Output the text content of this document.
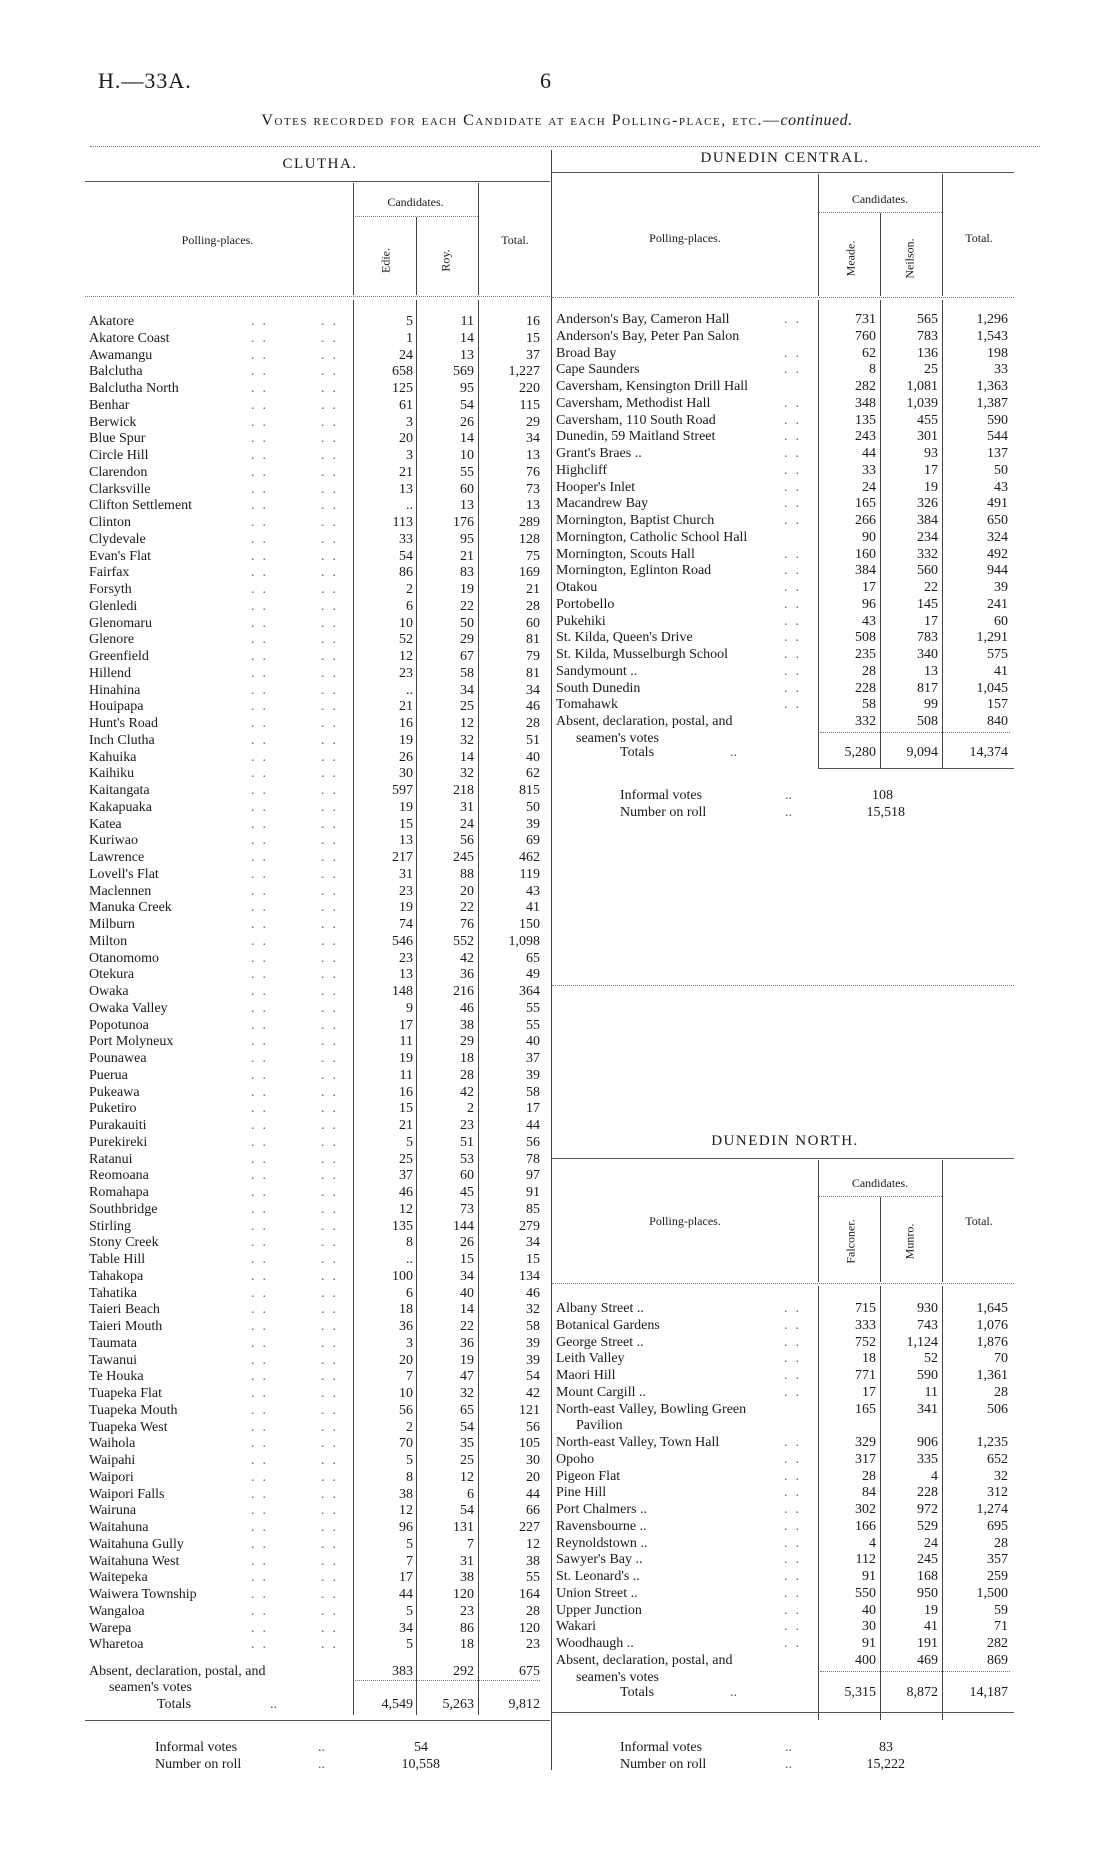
H.—33A.	6
Votes recorded for each Candidate at each Polling-place, etc.—continued.
CLUTHA.
Polling-places.
Candidates.
Edie.	Roy.
Total.
Akatore	..	..	5	11	16
Akatore Coast	..	..	1	14	15
Awamangu	..	..	24	13	37
Balclutha	..	..	658	569	1,227
Balclutha North	..	..	125	95	220
Benhar	..	..	61	54	115
Berwick	..	..	3	26	29
Blue Spur	..	..	20	14	34
Circle Hill	..	..	3	10	13
Clarendon	..	..	21	55	76
Clarksville	..	..	13	60	73
Clifton Settlement	..	..	..	13	13
Clinton	..	..	113	176	289
Clydevale	..	..	33	95	128
Evan's Flat	..	..	54	21	75
Fairfax	..	..	86	83	169
Forsyth	..	..	2	19	21
Glenledi	..	..	6	22	28
Glenomaru	..	..	10	50	60
Glenore	..	..	52	29	81
Greenfield	..	..	12	67	79
Hillend	..	..	23	58	81
Hinahina	..	..	..	34	34
Houipapa	..	..	21	25	46
Hunt's Road	..	..	16	12	28
Inch Clutha	..	..	19	32	51
Kahuika	..	..	26	14	40
Kaihiku	..	..	30	32	62
Kaitangata	..	..	597	218	815
Kakapuaka	..	..	19	31	50
Katea	..	..	15	24	39
Kuriwao	..	..	13	56	69
Lawrence	..	..	217	245	462
Lovell's Flat	..	..	31	88	119
Maclennen	..	..	23	20	43
Manuka Creek	..	..	19	22	41
Milburn	..	..	74	76	150
Milton	..	..	546	552	1,098
Otanomomo	..	..	23	42	65
Otekura	..	..	13	36	49
Owaka	..	..	148	216	364
Owaka Valley	..	..	9	46	55
Popotunoa	..	..	17	38	55
Port Molyneux	..	..	11	29	40
Pounawea	..	..	19	18	37
Puerua	..	..	11	28	39
Pukeawa	..	..	16	42	58
Puketiro	..	..	15	2	17
Purakauiti	..	..	21	23	44
Purekireki	..	..	5	51	56
Ratanui	..	..	25	53	78
Reomoana	..	..	37	60	97
Romahapa	..	..	46	45	91
Southbridge	..	..	12	73	85
Stirling	..	..	135	144	279
Stony Creek	..	..	8	26	34
Table Hill	..	..	..	15	15
Tahakopa	..	..	100	34	134
Tahatika	..	..	6	40	46
Taieri Beach	..	..	18	14	32
Taieri Mouth	..	..	36	22	58
Taumata	..	..	3	36	39
Tawanui	..	..	20	19	39
Te Houka	..	..	7	47	54
Tuapeka Flat	..	..	10	32	42
Tuapeka Mouth	..	..	56	65	121
Tuapeka West	..	..	2	54	56
Waihola	..	..	70	35	105
Waipahi	..	..	5	25	30
Waipori	..	..	8	12	20
Waipori Falls	..	..	38	6	44
Wairuna	..	..	12	54	66
Waitahuna	..	..	96	131	227
Waitahuna Gully	..	..	5	7	12
Waitahuna West	..	..	7	31	38
Waitepeka	..	..	17	38	55
Waiwera Township	..	..	44	120	164
Wangaloa	..	..	5	23	28
Warepa	..	..	34	86	120
Wharetoa	..	..	5	18	23
Absent, declaration, postal, and
seamen's votes
383	292	675
Totals	..	4,549	5,263	9,812
Informal votes	..	54
Number on roll	..	10,558
DUNEDIN CENTRAL.
Polling-places.
Candidates.
Meade.	Neilson.
Total.
Anderson's Bay, Cameron Hall	..	731	565	1,296
Anderson's Bay, Peter Pan Salon	760	783	1,543
Broad Bay	..	62	136	198
Cape Saunders	..	8	25	33
Caversham, Kensington Drill Hall	282	1,081	1,363
Caversham, Methodist Hall	..	348	1,039	1,387
Caversham, 110 South Road	..	135	455	590
Dunedin, 59 Maitland Street	..	243	301	544
Grant's Braes ..	..	44	93	137
Highcliff	..	33	17	50
Hooper's Inlet	..	24	19	43
Macandrew Bay	..	165	326	491
Mornington, Baptist Church	..	266	384	650
Mornington, Catholic School Hall	90	234	324
Mornington, Scouts Hall	..	160	332	492
Mornington, Eglinton Road	..	384	560	944
Otakou	..	17	22	39
Portobello	..	96	145	241
Pukehiki	..	43	17	60
St. Kilda, Queen's Drive	..	508	783	1,291
St. Kilda, Musselburgh School	..	235	340	575
Sandymount ..	..	28	13	41
South Dunedin	..	228	817	1,045
Tomahawk	..	58	99	157
Absent, declaration, postal, and
seamen's votes
332	508	840
Totals	..	5,280	9,094	14,374
Informal votes	..	108
Number on roll	..	15,518
DUNEDIN NORTH.
Polling-places.
Candidates.
Falconer.	Munro.
Total.
Albany Street ..	..	715	930	1,645
Botanical Gardens	..	333	743	1,076
George Street ..	..	752	1,124	1,876
Leith Valley	..	18	52	70
Maori Hill	..	771	590	1,361
Mount Cargill ..	..	17	11	28
North-east Valley, Bowling Green	165	341	506
Pavilion
North-east Valley, Town Hall	..	329	906	1,235
Opoho	..	317	335	652
Pigeon Flat	..	28	4	32
Pine Hill	..	84	228	312
Port Chalmers ..	..	302	972	1,274
Ravensbourne ..	..	166	529	695
Reynoldstown ..	..	4	24	28
Sawyer's Bay ..	..	112	245	357
St. Leonard's ..	..	91	168	259
Union Street ..	..	550	950	1,500
Upper Junction	..	40	19	59
Wakari	..	30	41	71
Woodhaugh ..	..	91	191	282
Absent, declaration, postal, and
seamen's votes
400	469	869
Totals	..	5,315	8,872	14,187
Informal votes	..	83
Number on roll	..	15,222
